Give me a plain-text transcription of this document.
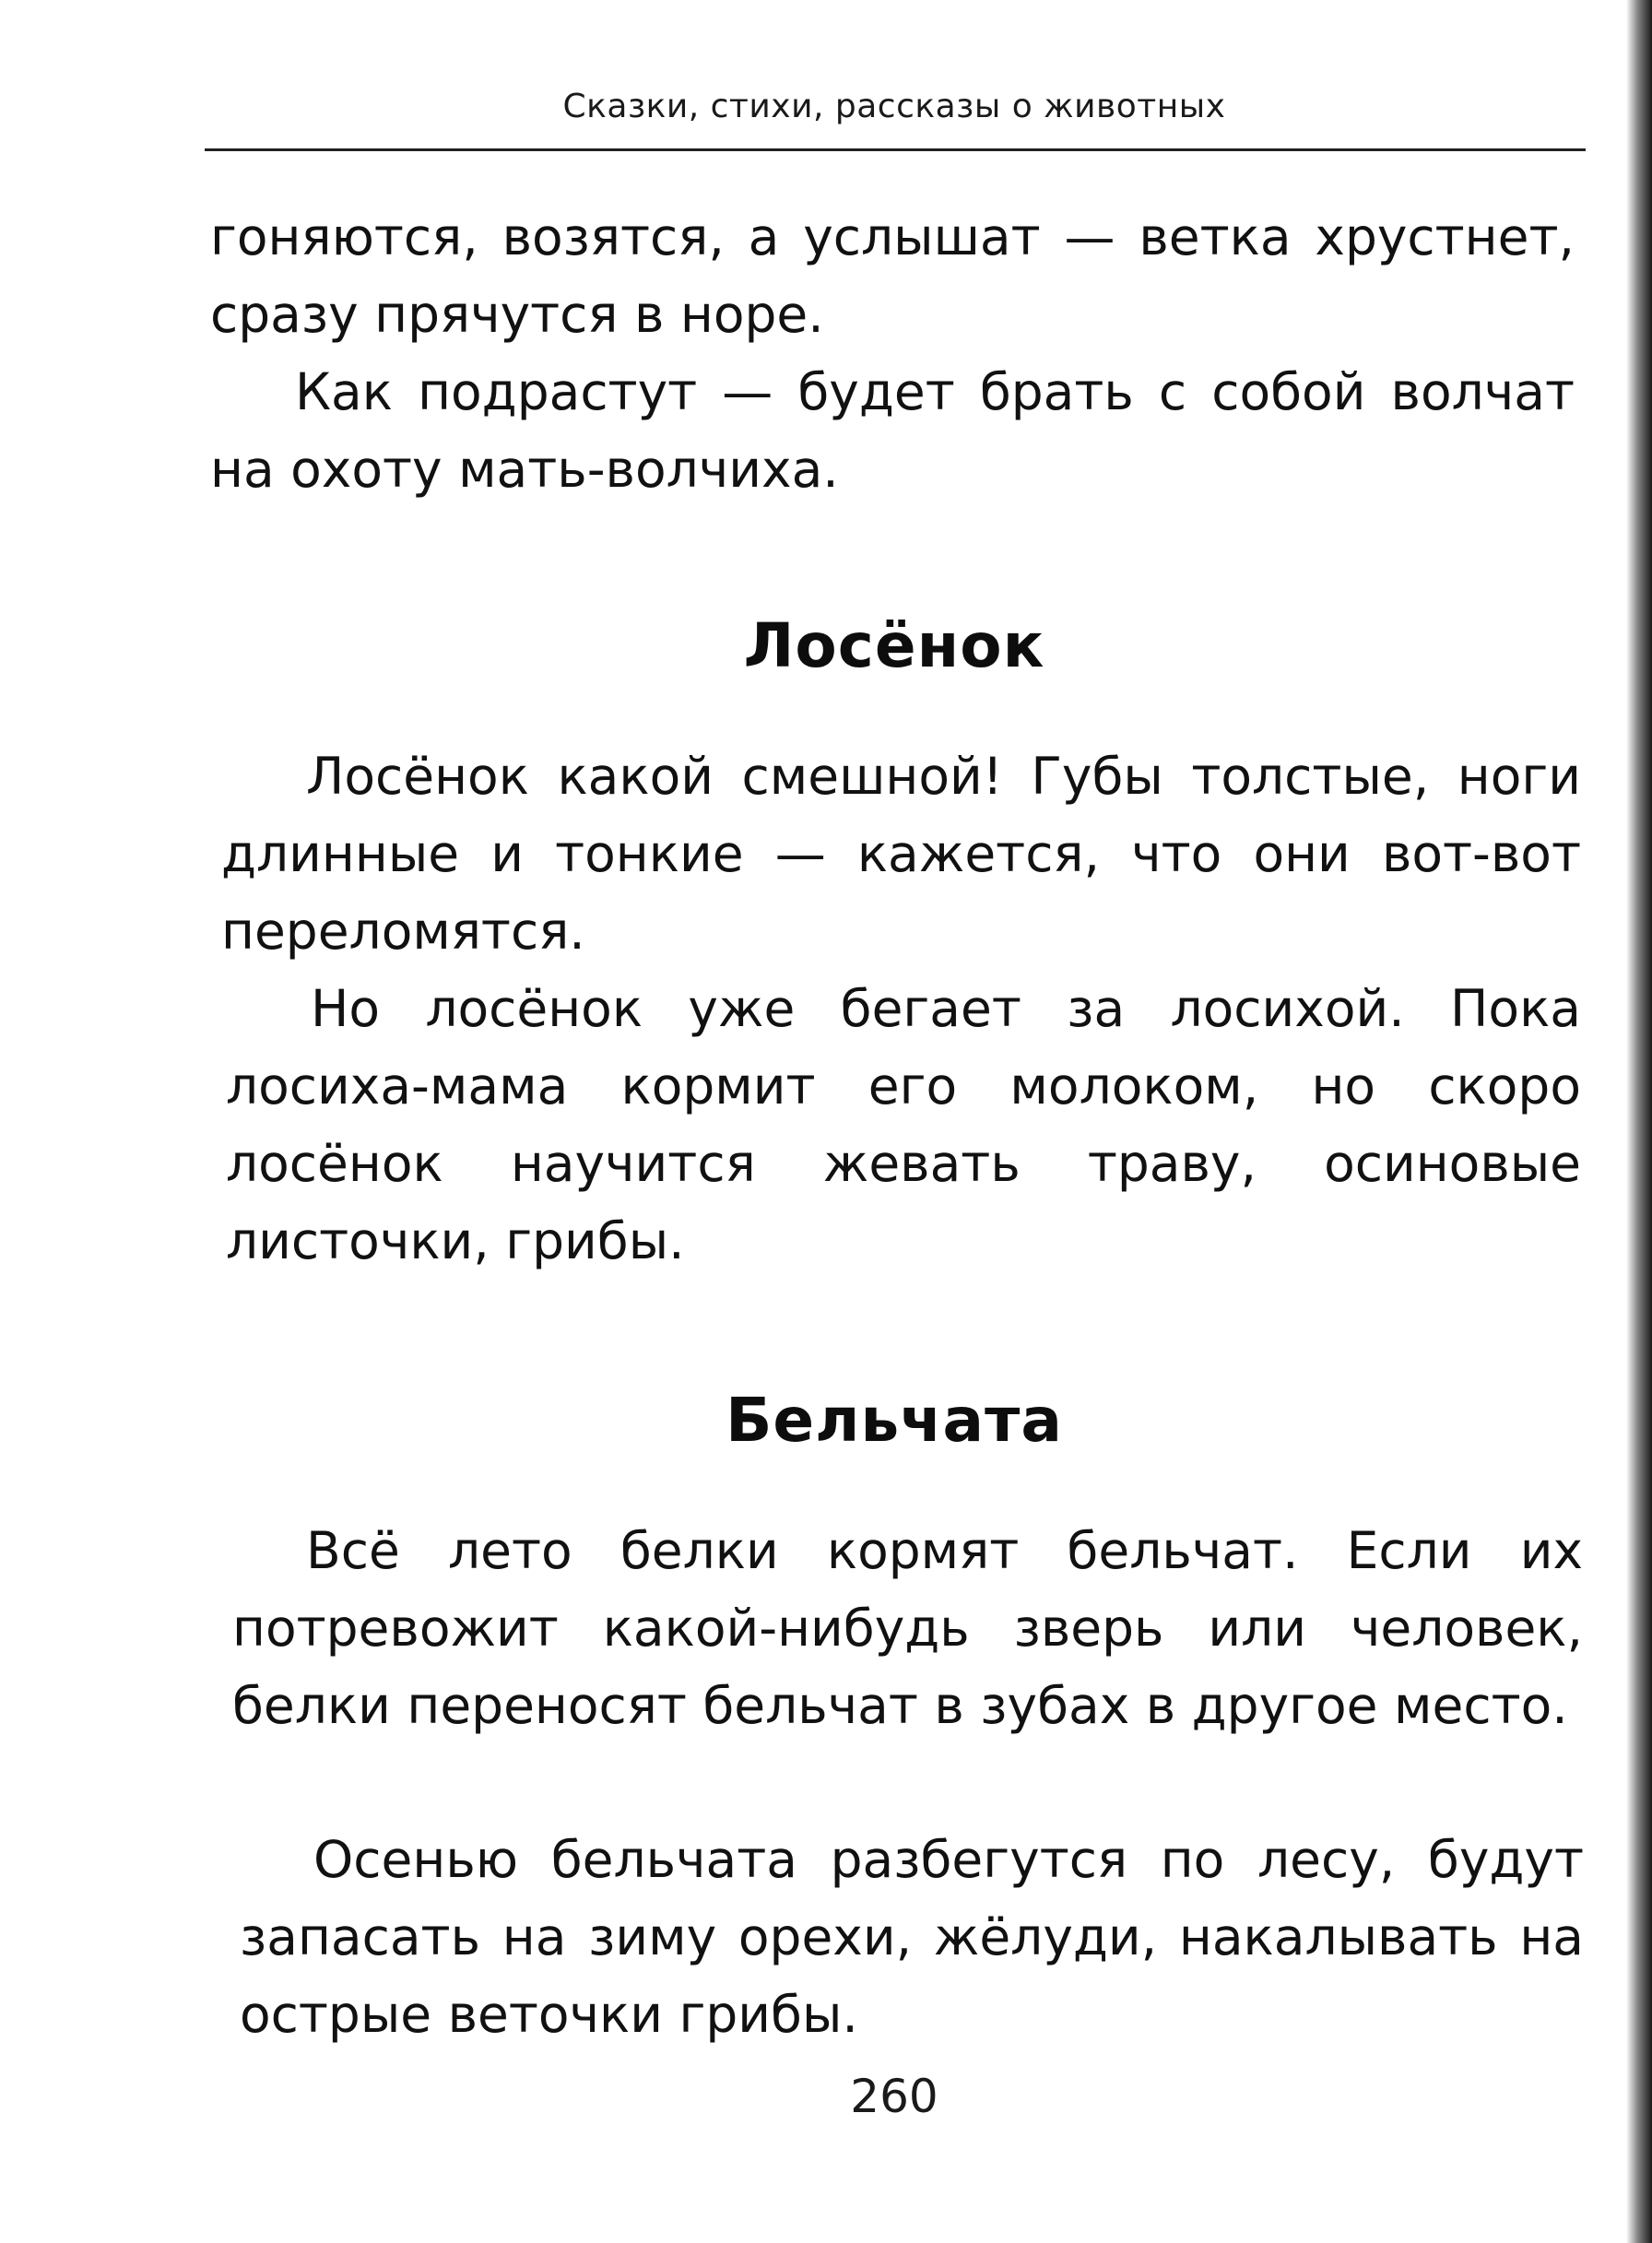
Сказки, стихи, рассказы о животных

гоняются, возятся, а услышат — ветка хрустнет, сразу прячутся в норе.

Как подрастут — будет брать с собой волчат на охоту мать-волчиха.

Лосёнок

Лосёнок какой смешной! Губы толстые, ноги длинные и тонкие — кажется, что они вот-вот переломятся.

Но лосёнок уже бегает за лосихой. Пока лосиха-мама кормит его молоком, но скоро лосёнок научится жевать траву, осиновые листочки, грибы.

Бельчата

Всё лето белки кормят бельчат. Если их потревожит какой-нибудь зверь или человек, белки переносят бельчат в зубах в другое место.

Осенью бельчата разбегутся по лесу, будут запасать на зиму орехи, жёлуди, накалывать на острые веточки грибы.

260
